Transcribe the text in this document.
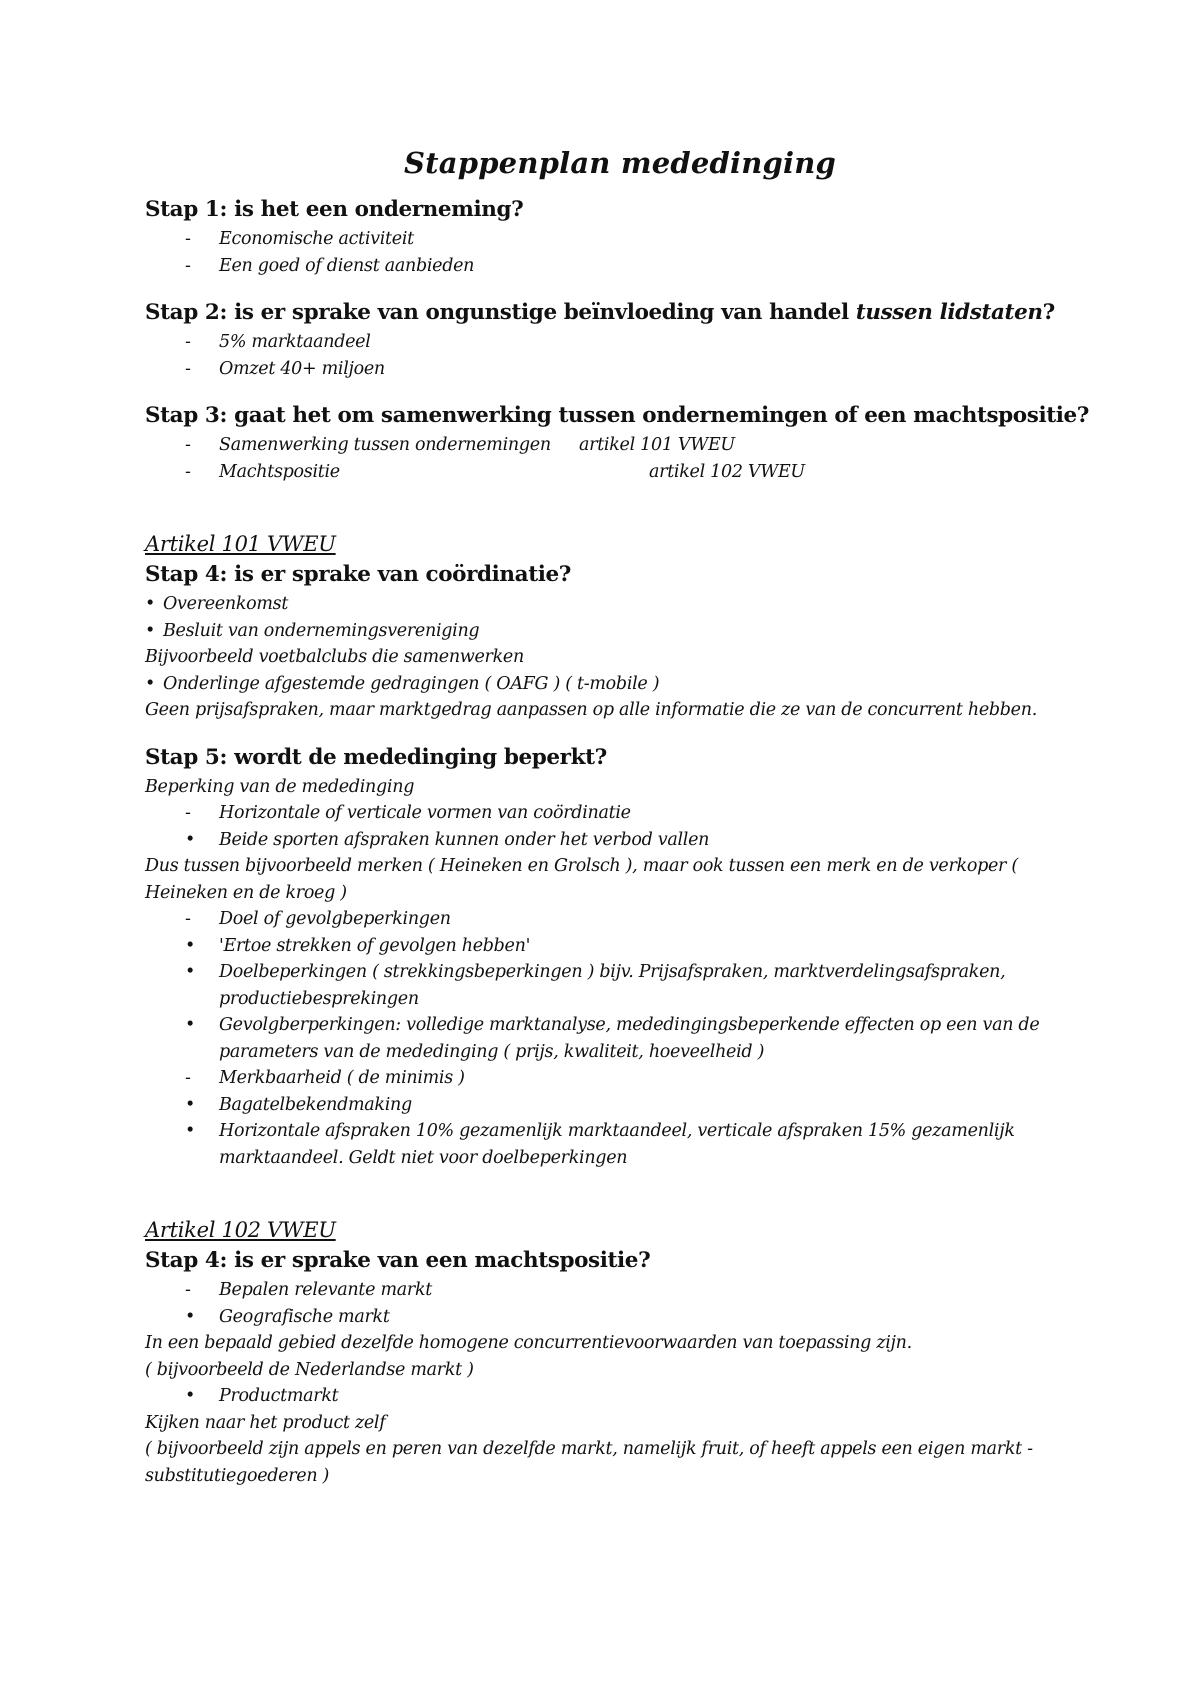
Stappenplan mededinging

Stap 1: is het een onderneming?

- Economische activiteit
- Een goed of dienst aanbieden

Stap 2: is er sprake van ongunstige beïnvloeding van handel tussen lidstaten?

- 5% marktaandeel
- Omzet 40+ miljoen

Stap 3: gaat het om samenwerking tussen ondernemingen of een machtspositie?

- Samenwerking tussen ondernemingen artikel 101 VWEU
- Machtspositie	artikel 102 VWEU

Artikel 101 VWEU

Stap 4: is er sprake van coördinatie?

• Overeenkomst
• Besluit van ondernemingsvereniging

Bijvoorbeeld voetbalclubs die samenwerken

• Onderlinge afgestemde gedragingen ( OAFG ) ( t-mobile )

Geen prijsafspraken, maar marktgedrag aanpassen op alle informatie die ze van de concurrent hebben.

Stap 5: wordt de mededinging beperkt?

Beperking van de mededinging

- Horizontale of verticale vormen van coördinatie
• Beide sporten afspraken kunnen onder het verbod vallen

Dus tussen bijvoorbeeld merken ( Heineken en Grolsch ), maar ook tussen een merk en de verkoper ( Heineken en de kroeg )

- Doel of gevolgbeperkingen
• 'Ertoe strekken of gevolgen hebben'
• Doelbeperkingen ( strekkingsbeperkingen ) bijv. Prijsafspraken, marktverdelingsafspraken, productiebesprekingen
• Gevolgberperkingen: volledige marktanalyse, mededingingsbeperkende effecten op een van de parameters van de mededinging ( prijs, kwaliteit, hoeveelheid )
- Merkbaarheid ( de minimis )
• Bagatelbekendmaking
• Horizontale afspraken 10% gezamenlijk marktaandeel, verticale afspraken 15% gezamenlijk marktaandeel. Geldt niet voor doelbeperkingen

Artikel 102 VWEU

Stap 4: is er sprake van een machtspositie?

- Bepalen relevante markt
• Geografische markt

In een bepaald gebied dezelfde homogene concurrentievoorwaarden van toepassing zijn.

( bijvoorbeeld de Nederlandse markt )

• Productmarkt

Kijken naar het product zelf

( bijvoorbeeld zijn appels en peren van dezelfde markt, namelijk fruit, of heeft appels een eigen markt - substitutiegoederen )
